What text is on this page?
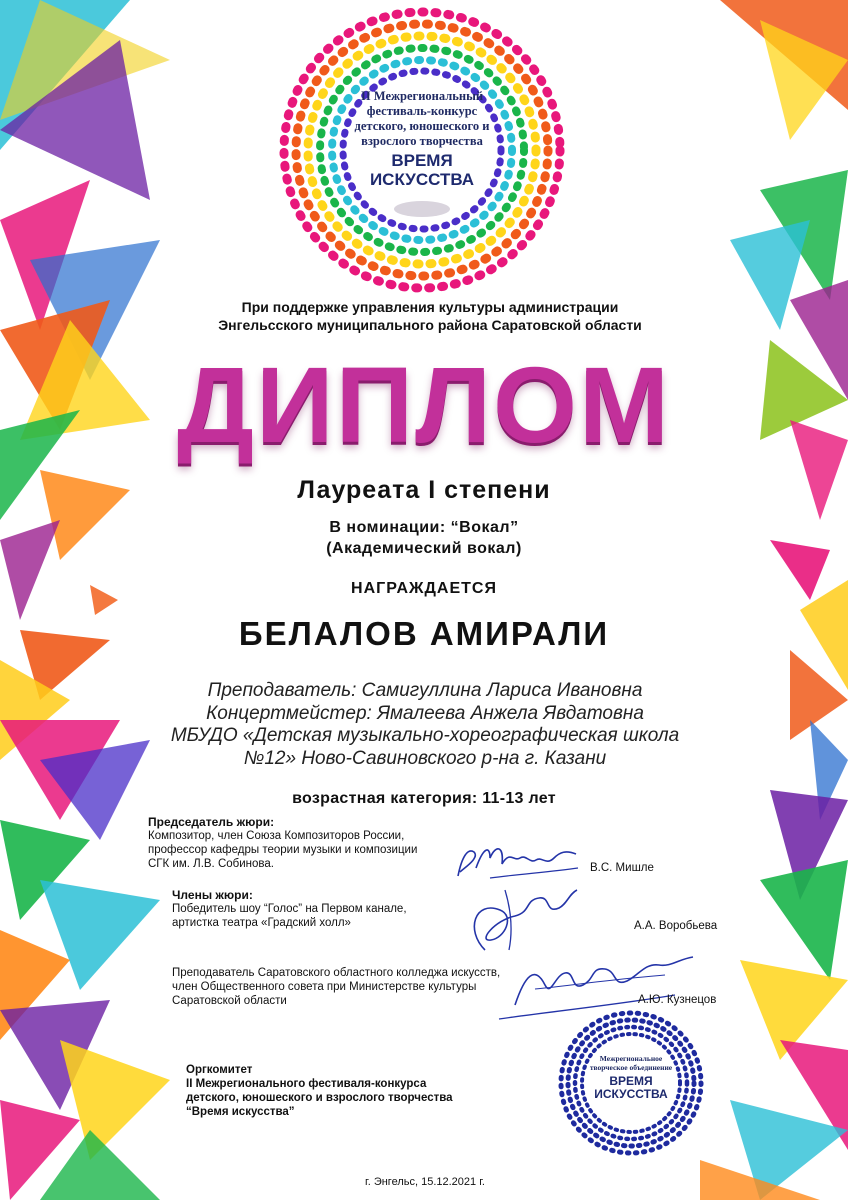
II Межрегиональный фестиваль-конкурс детского, юношеского и взрослого творчества
ВРЕМЯ ИСКУССТВА
При поддержке управления культуры администрации
Энгельсского муниципального района Саратовской области
ДИПЛОМ
Лауреата I степени
В номинации: “Вокал”
(Академический вокал)
НАГРАЖДАЕТСЯ
БЕЛАЛОВ АМИРАЛИ
Преподаватель: Самигуллина Лариса Ивановна
Концертмейстер: Ямалеева Анжела Явдатовна
МБУДО «Детская музыкально-хореографическая школа
№12» Ново-Савиновского р-на г. Казани
возрастная категория: 11-13 лет
Председатель жюри:
Композитор, член Союза Композиторов России,
профессор кафедры теории музыки и композиции
СГК им. Л.В. Собинова.	В.С. Мишле
Члены жюри:
Победитель шоу “Голос” на Первом канале,
артистка театра «Градский холл»	А.А. Воробьева
Преподаватель Саратовского областного колледжа искусств,
член Общественного совета при Министерстве культуры
Саратовской области	А.Ю. Кузнецов
Оргкомитет
II Межрегионального фестиваля-конкурса
детского, юношеского и взрослого творчества
“Время искусства”
Межрегиональное творческое объединение
ВРЕМЯ ИСКУССТВА
г. Энгельс, 15.12.2021 г.
